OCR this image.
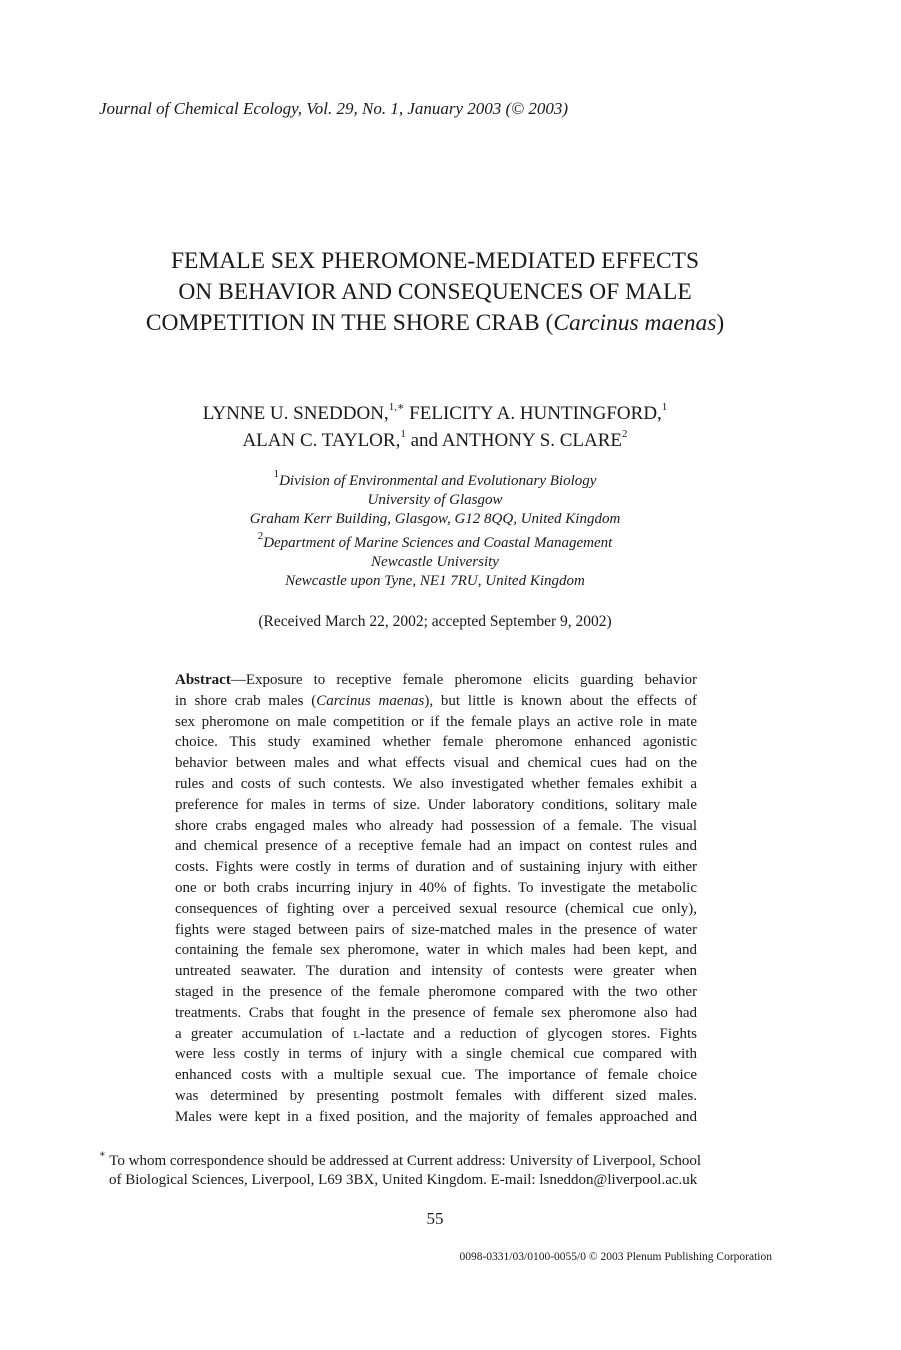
Journal of Chemical Ecology, Vol. 29, No. 1, January 2003 (© 2003)
FEMALE SEX PHEROMONE-MEDIATED EFFECTS
ON BEHAVIOR AND CONSEQUENCES OF MALE
COMPETITION IN THE SHORE CRAB (Carcinus maenas)
LYNNE U. SNEDDON,$^{1,∗}$ FELICITY A. HUNTINGFORD,$^1$
ALAN C. TAYLOR,$^1$ and ANTHONY S. CLARE$^2$
$^1$Division of Environmental and Evolutionary Biology
University of Glasgow
Graham Kerr Building, Glasgow, G12 8QQ, United Kingdom
$^2$Department of Marine Sciences and Coastal Management
Newcastle University
Newcastle upon Tyne, NE1 7RU, United Kingdom
(Received March 22, 2002; accepted September 9, 2002)
Abstract—Exposure to receptive female pheromone elicits guarding behavior
in shore crab males (Carcinus maenas), but little is known about the effects of
sex pheromone on male competition or if the female plays an active role in mate
choice. This study examined whether female pheromone enhanced agonistic
behavior between males and what effects visual and chemical cues had on the
rules and costs of such contests. We also investigated whether females exhibit a
preference for males in terms of size. Under laboratory conditions, solitary male
shore crabs engaged males who already had possession of a female. The visual
and chemical presence of a receptive female had an impact on contest rules and
costs. Fights were costly in terms of duration and of sustaining injury with either
one or both crabs incurring injury in 40% of fights. To investigate the metabolic
consequences of fighting over a perceived sexual resource (chemical cue only),
fights were staged between pairs of size-matched males in the presence of water
containing the female sex pheromone, water in which males had been kept, and
untreated seawater. The duration and intensity of contests were greater when
staged in the presence of the female pheromone compared with the two other
treatments. Crabs that fought in the presence of female sex pheromone also had
a greater accumulation of l-lactate and a reduction of glycogen stores. Fights
were less costly in terms of injury with a single chemical cue compared with
enhanced costs with a multiple sexual cue. The importance of female choice
was determined by presenting postmolt females with different sized males.
Males were kept in a fixed position, and the majority of females approached and
∗ To whom correspondence should be addressed at Current address: University of Liverpool, School
of Biological Sciences, Liverpool, L69 3BX, United Kingdom. E-mail: lsneddon@liverpool.ac.uk
55
0098-0331/03/0100-0055/0 © 2003 Plenum Publishing Corporation
